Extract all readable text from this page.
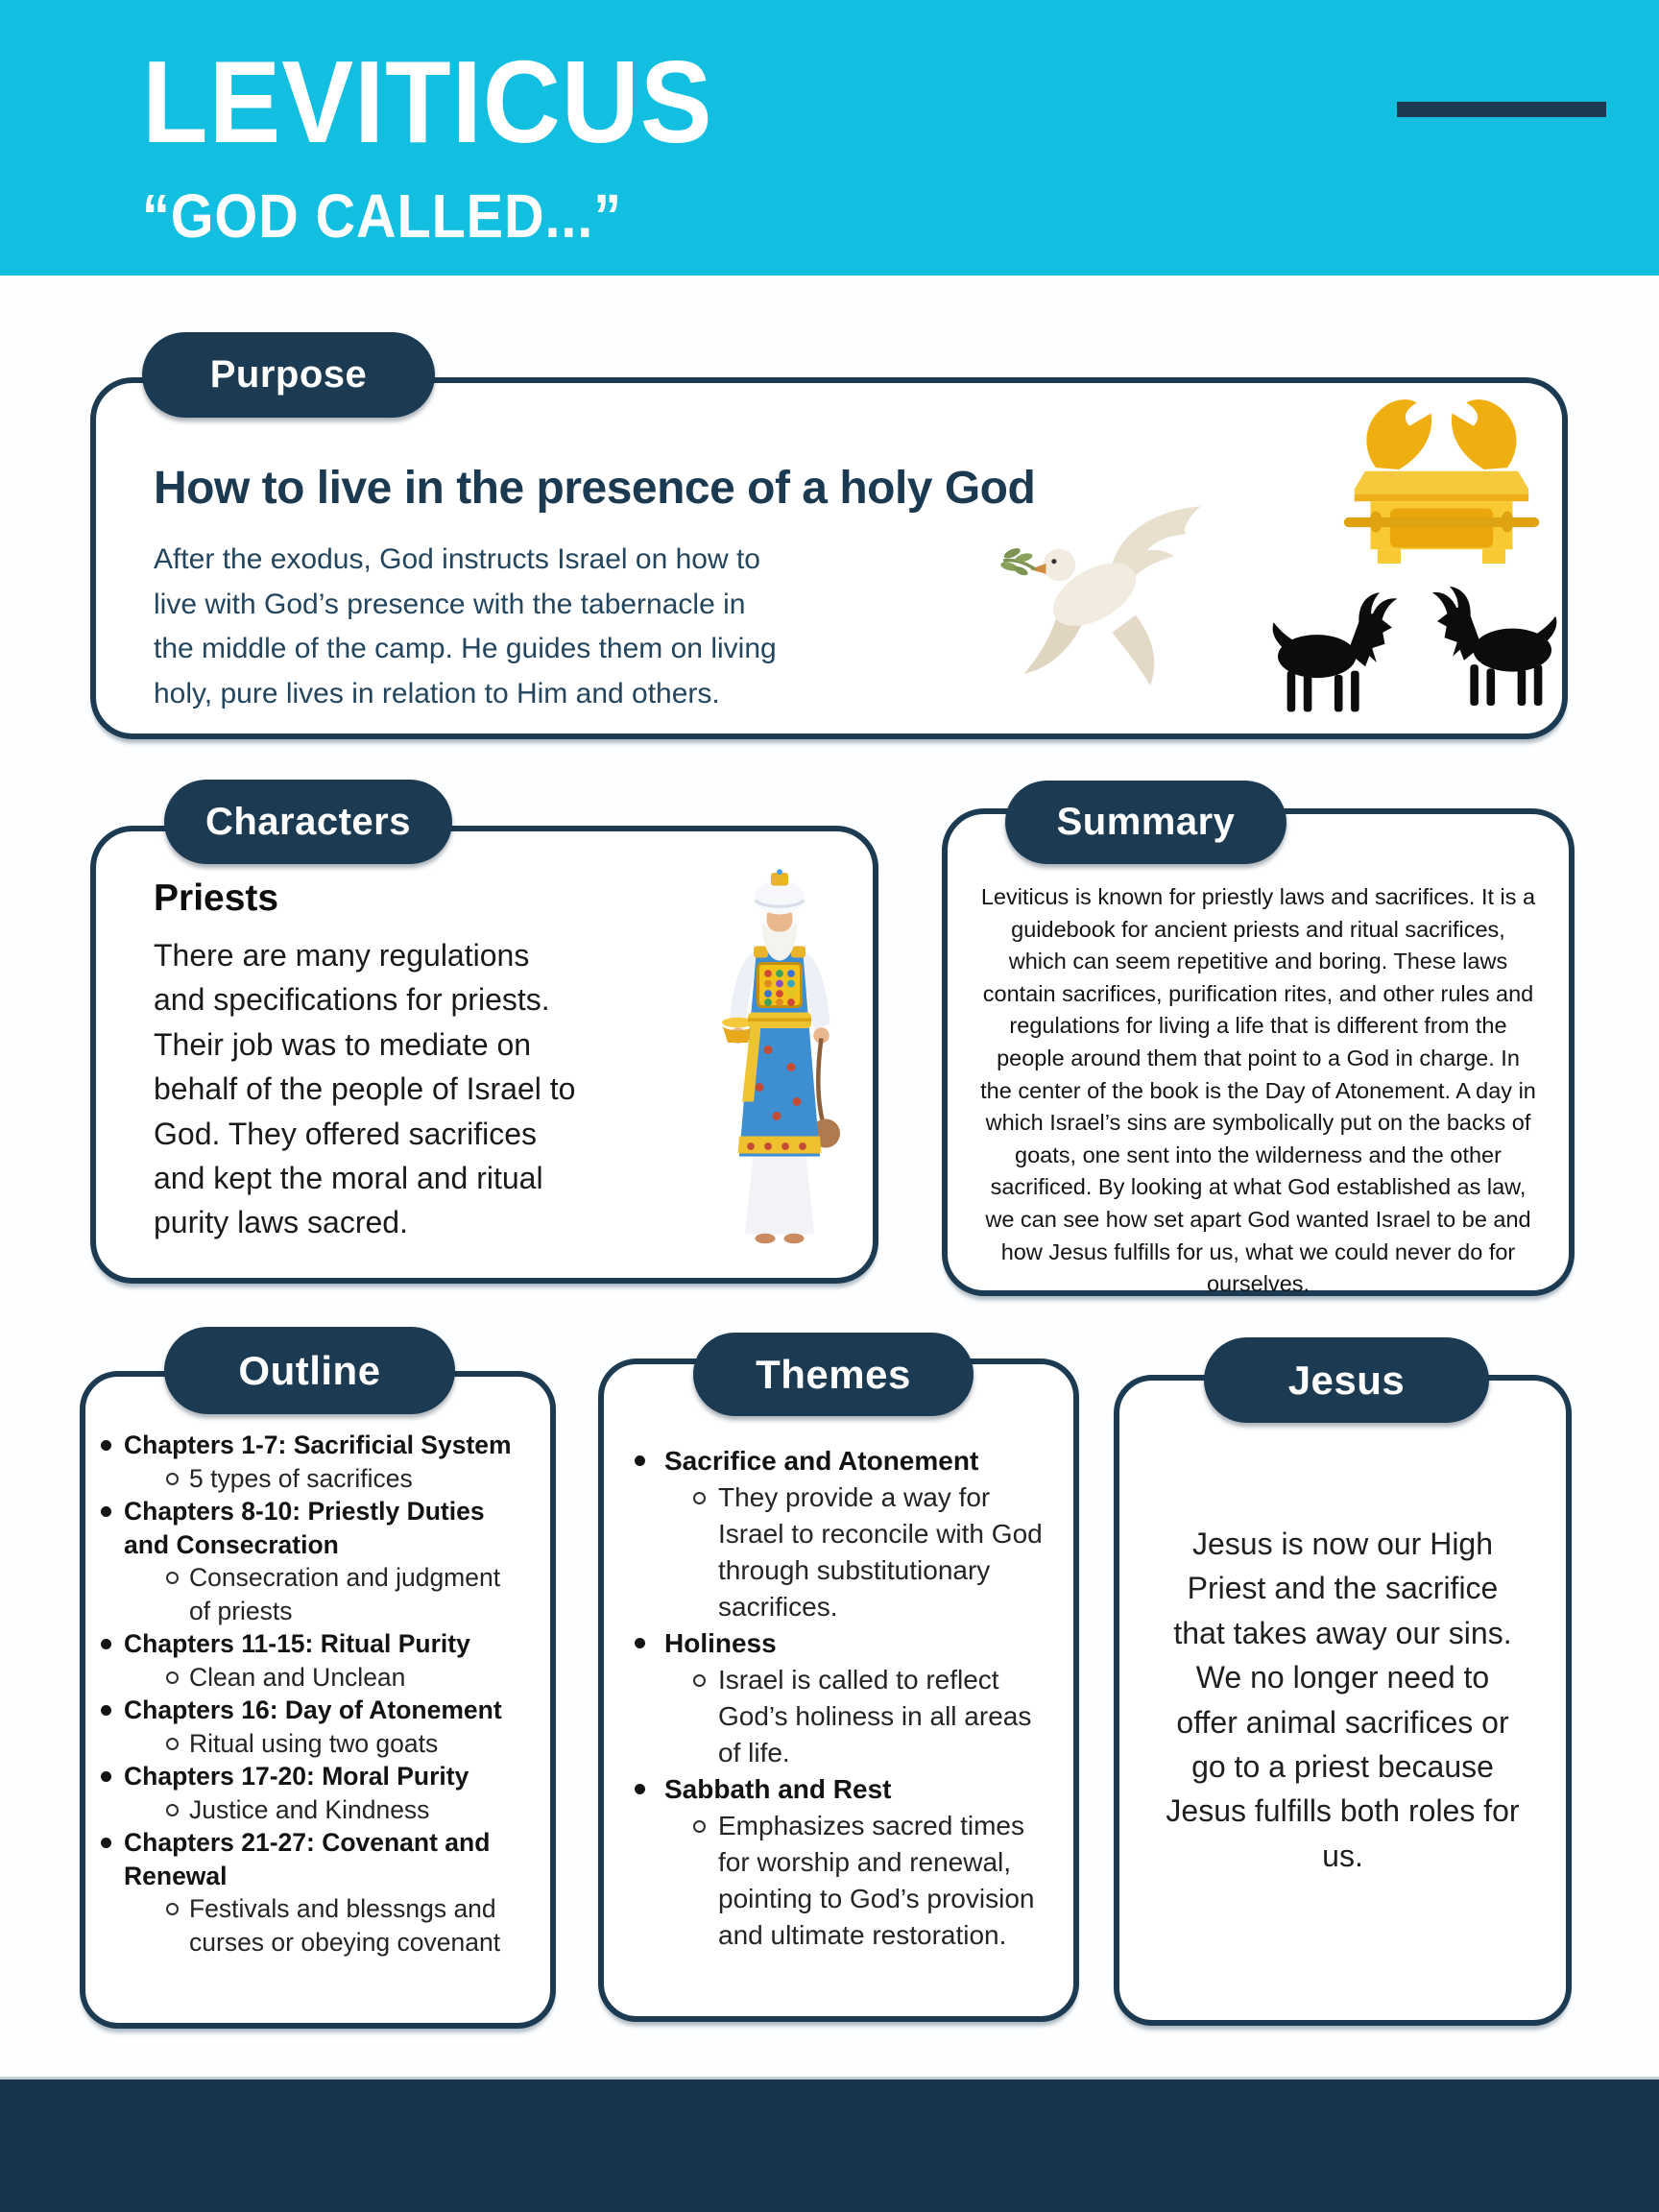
LEVITICUS
“GOD CALLED...”
Purpose
How to live in the presence of a holy God

After the exodus, God instructs Israel on how to live with God’s presence with the tabernacle in the middle of the camp. He guides them on living holy, pure lives in relation to Him and others.

Characters
Priests

There are many regulations and specifications for priests. Their job was to mediate on behalf of the people of Israel to God. They offered sacrifices and kept the moral and ritual purity laws sacred.

Summary

Leviticus is known for priestly laws and sacrifices. It is a guidebook for ancient priests and ritual sacrifices, which can seem repetitive and boring. These laws contain sacrifices, purification rites, and other rules and regulations for living a life that is different from the people around them that point to a God in charge. In the center of the book is the Day of Atonement. A day in which Israel’s sins are symbolically put on the backs of goats, one sent into the wilderness and the other sacrificed. By looking at what God established as law, we can see how set apart God wanted Israel to be and how Jesus fulfills for us, what we could never do for ourselves.

Outline
Chapters 1-7: Sacrificial System
5 types of sacrifices
Chapters 8-10: Priestly Duties and Consecration
Consecration and judgment of priests
Chapters 11-15: Ritual Purity
Clean and Unclean
Chapters 16: Day of Atonement
Ritual using two goats
Chapters 17-20: Moral Purity
Justice and Kindness
Chapters 21-27: Covenant and Renewal
Festivals and blessngs and curses or obeying covenant
Themes
Sacrifice and Atonement
They provide a way for Israel to reconcile with God through substitutionary sacrifices.
Holiness
Israel is called to reflect God’s holiness in all areas of life.
Sabbath and Rest
Emphasizes sacred times for worship and renewal, pointing to God’s provision and ultimate restoration.
Jesus

Jesus is now our High Priest and the sacrifice that takes away our sins. We no longer need to offer animal sacrifices or go to a priest because Jesus fulfills both roles for us.
